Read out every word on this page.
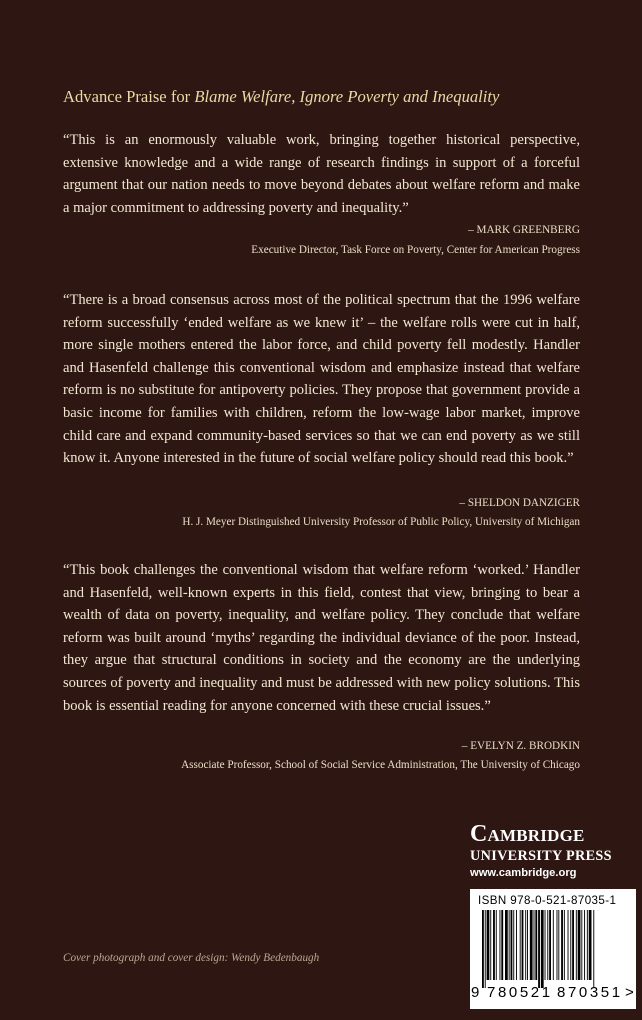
Advance Praise for Blame Welfare, Ignore Poverty and Inequality
“This is an enormously valuable work, bringing together historical perspective, extensive knowledge and a wide range of research findings in support of a forceful argument that our nation needs to move beyond debates about welfare reform and make a major commitment to addressing poverty and inequality.”
– MARK GREENBERG
Executive Director, Task Force on Poverty, Center for American Progress
“There is a broad consensus across most of the political spectrum that the 1996 welfare reform successfully ‘ended welfare as we knew it’ – the welfare rolls were cut in half, more single mothers entered the labor force, and child poverty fell modestly. Handler and Hasenfeld challenge this conventional wisdom and emphasize instead that welfare reform is no substitute for antipoverty policies. They propose that government provide a basic income for families with children, reform the low-wage labor market, improve child care and expand community-based services so that we can end poverty as we still know it. Anyone interested in the future of social welfare policy should read this book.”
– SHELDON DANZIGER
H. J. Meyer Distinguished University Professor of Public Policy, University of Michigan
“This book challenges the conventional wisdom that welfare reform ‘worked.’ Handler and Hasenfeld, well-known experts in this field, contest that view, bringing to bear a wealth of data on poverty, inequality, and welfare policy. They conclude that welfare reform was built around ‘myths’ regarding the individual deviance of the poor. Instead, they argue that structural conditions in society and the economy are the underlying sources of poverty and inequality and must be addressed with new policy solutions. This book is essential reading for anyone concerned with these crucial issues.”
– EVELYN Z. BRODKIN
Associate Professor, School of Social Service Administration, The University of Chicago
Cambridge
UNIVERSITY PRESS
www.cambridge.org
ISBN 978-0-521-87035-1
9 780521 870351 >
Cover photograph and cover design: Wendy Bedenbaugh
